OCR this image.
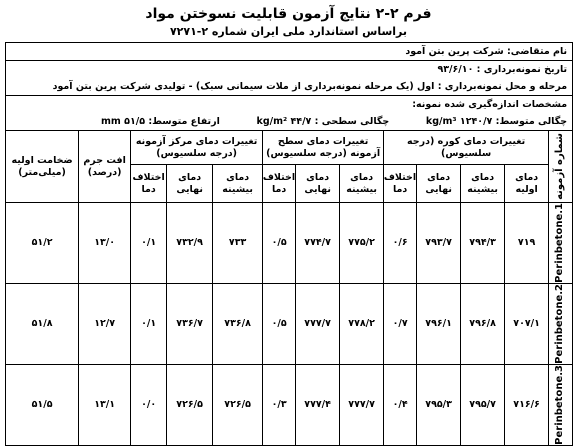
فرم ۲-۲ نتایج آزمون قابلیت نسوختن مواد
براساس استاندارد ملی ایران شماره ۲-۷۲۷۱
نام متقاضی: شرکت پرین بتن آمود												
تاریخ نمونه‌برداری : ۹۳/۶/۱۰												
مرحله و محل نمونه‌برداری : اول (یک مرحله نمونه‌برداری از ملات سیمانی سبک) - تولیدی شرکت پرین بتن آمود												
مشخصات اندازه‌گیری شده نمونه:												

چگالی متوسط: ۱۲۴۰/۷ kg/m³
چگالی سطحی : ۴۴/۷ kg/m²
ارتفاع متوسط: ۵۱/۵ mm												

شماره آزمونه	تغییرات دمای کوره (درجه سلسیوس)				تغییرات دمای سطح آزمونه (درجه سلسیوس)			تغییرات دمای مرکز آزمونه (درجه سلسیوس)			افت جرم (درصد)	ضخامت اولیه (میلی‌متر)
	دمای اولیه	دمای بیشینه	دمای نهایی	اختلاف دما	دمای بیشینه	دمای نهایی	اختلاف دما	دمای بیشینه	دمای نهایی	اختلاف دما		

Perinbetone.1	۷۱۹	۷۹۴/۳	۷۹۳/۷	۰/۶	۷۷۵/۲	۷۷۴/۷	۰/۵	۷۳۳	۷۳۲/۹	۰/۱	۱۳/۰	۵۱/۲

Perinbetone.2	۷۰۷/۱	۷۹۶/۸	۷۹۶/۱	۰/۷	۷۷۸/۲	۷۷۷/۷	۰/۵	۷۳۶/۸	۷۳۶/۷	۰/۱	۱۲/۷	۵۱/۸

Perinbetone.3	۷۱۶/۶	۷۹۵/۷	۷۹۵/۳	۰/۴	۷۷۷/۷	۷۷۷/۴	۰/۳	۷۲۶/۵	۷۲۶/۵	۰/۰	۱۳/۱	۵۱/۵
